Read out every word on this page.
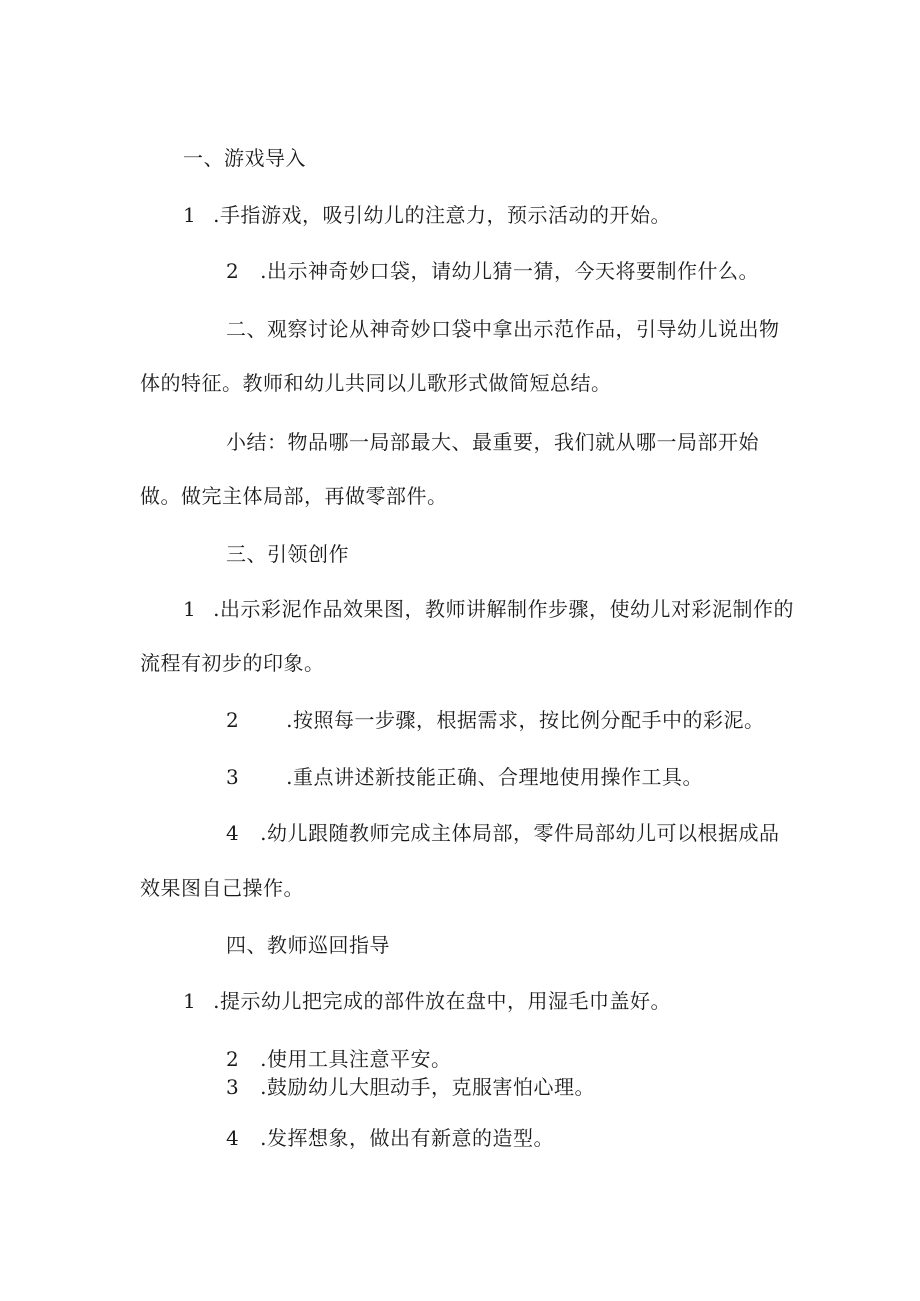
一、游戏导入
1 .手指游戏，吸引幼儿的注意力，预示活动的开始。
2 .出示神奇妙口袋，请幼儿猜一猜，今天将要制作什么。
二、观察讨论从神奇妙口袋中拿出示范作品，引导幼儿说出物
体的特征。教师和幼儿共同以儿歌形式做简短总结。
小结：物品哪一局部最大、最重要，我们就从哪一局部开始
做。做完主体局部，再做零部件。
三、引领创作
1 .出示彩泥作品效果图，教师讲解制作步骤，使幼儿对彩泥制作的
流程有初步的印象。
2 .按照每一步骤，根据需求，按比例分配手中的彩泥。
3 .重点讲述新技能正确、合理地使用操作工具。
4 .幼儿跟随教师完成主体局部，零件局部幼儿可以根据成品
效果图自己操作。
四、教师巡回指导
1 .提示幼儿把完成的部件放在盘中，用湿毛巾盖好。
2 .使用工具注意平安。
3 .鼓励幼儿大胆动手，克服害怕心理。
4 .发挥想象，做出有新意的造型。
